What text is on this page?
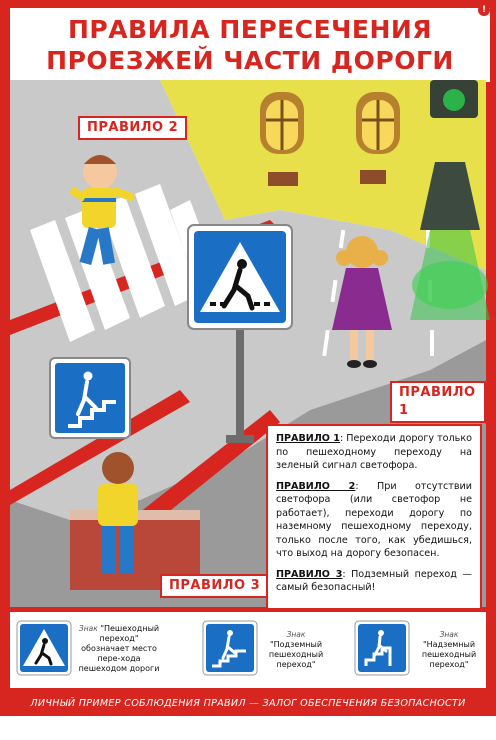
ПРАВИЛА ПЕРЕСЕЧЕНИЯ
ПРОЕЗЖЕЙ ЧАСТИ ДОРОГИ
!
ПРАВИЛО 2
ПРАВИЛО 1
ПРАВИЛО 3

ПРАВИЛО 1: Переходи дорогу только по пешеходному переходу на зеленый сигнал светофора.

ПРАВИЛО 2: При отсутствии светофора (или светофор не работает), переходи дорогу по наземному пешеходному переходу, только после того, как убедишься, что выход на дорогу безопасен.

ПРАВИЛО 3: Подземный переход — самый безопасный!

Знак "Пешеходный переход"
обозначает место пере-хода пешеходом дороги
Знак "Подземный пешеходный переход"
Знак "Надземный пешеходный переход"
ЛИЧНЫЙ ПРИМЕР СОБЛЮДЕНИЯ ПРАВИЛ — ЗАЛОГ ОБЕСПЕЧЕНИЯ БЕЗОПАСНОСТИ ДОРОЖНОГО ДВИЖЕНИЯ
